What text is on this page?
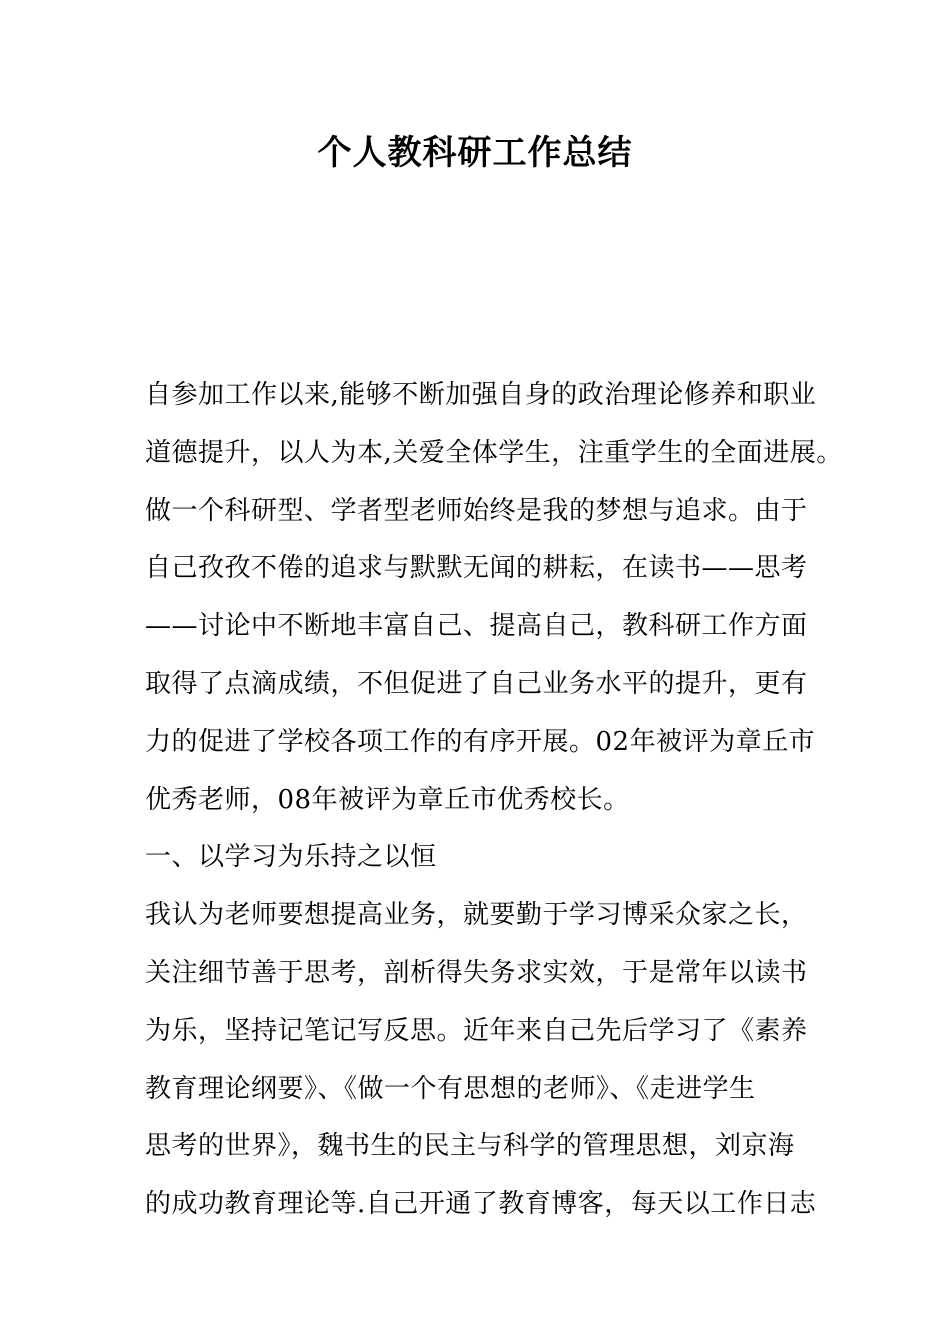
个人教科研工作总结
自参加工作以来,能够不断加强自身的政治理论修养和职业
道德提升，以人为本,关爱全体学生，注重学生的全面进展。
做一个科研型、学者型老师始终是我的梦想与追求。由于
自己孜孜不倦的追求与默默无闻的耕耘，在读书——思考
——讨论中不断地丰富自己、提高自己，教科研工作方面
取得了点滴成绩，不但促进了自己业务水平的提升，更有
力的促进了学校各项工作的有序开展。02年被评为章丘市
优秀老师，08年被评为章丘市优秀校长。
一、以学习为乐持之以恒
我认为老师要想提高业务，就要勤于学习博采众家之长，
关注细节善于思考，剖析得失务求实效，于是常年以读书
为乐，坚持记笔记写反思。近年来自己先后学习了《素养
教育理论纲要》、《做一个有思想的老师》、《走进学生
思考的世界》，魏书生的民主与科学的管理思想，刘京海
的成功教育理论等.自己开通了教育博客，每天以工作日志
